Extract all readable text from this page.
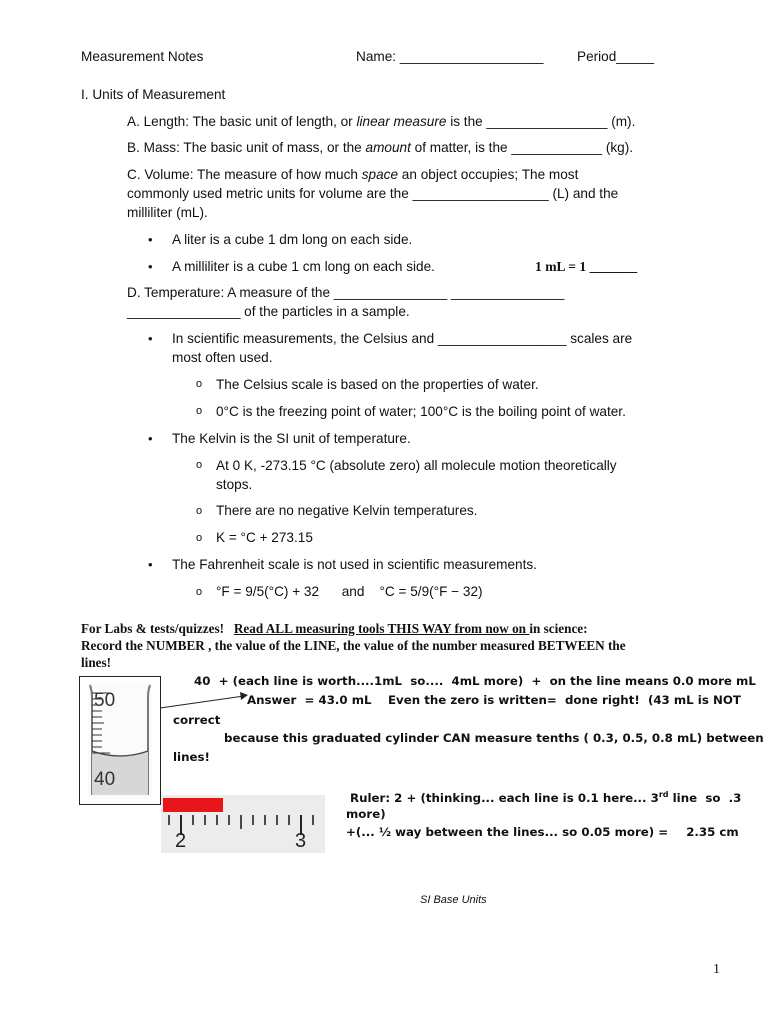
Measurement Notes	Name: ___________________ Period_____
I. Units of Measurement
A. Length: The basic unit of length, or linear measure is the ________________ (m).
B. Mass: The basic unit of mass, or the amount of matter, is the ____________ (kg).
C. Volume: The measure of how much space an object occupies; The most
commonly used metric units for volume are the __________________ (L) and the
milliliter (mL).
• A liter is a cube 1 dm long on each side.
• A milliliter is a cube 1 cm long on each side.	1 mL = 1 _______
D. Temperature: A measure of the _______________ _______________
_______________ of the particles in a sample.
• In scientific measurements, the Celsius and _________________ scales are
most often used.
o The Celsius scale is based on the properties of water.
o 0°C is the freezing point of water; 100°C is the boiling point of water.
• The Kelvin is the SI unit of temperature.
o At 0 K, -273.15 °C (absolute zero) all molecule motion theoretically
stops.
o There are no negative Kelvin temperatures.
o K = °C + 273.15
• The Fahrenheit scale is not used in scientific measurements.
o °F = 9/5(°C) + 32      and    °C = 5/9(°F − 32)
For Labs & tests/quizzes!   Read ALL measuring tools THIS WAY from now on in science:
Record the NUMBER , the value of the LINE, the value of the number measured BETWEEN the
lines!
50
40
40  + (each line is worth....1mL  so....  4mL more)  +  on the line means 0.0 more mL
Answer  = 43.0 mL    Even the zero is written=  done right!  (43 mL is NOT
correct
because this graduated cylinder CAN measure tenths ( 0.3, 0.5, 0.8 mL) between
lines!
2	3
Ruler: 2 + (thinking... each line is 0.1 here... 3rd line  so  .3
more)
+(... ½ way between the lines... so 0.05 more) = 2.35 cm
SI Base Units
1
